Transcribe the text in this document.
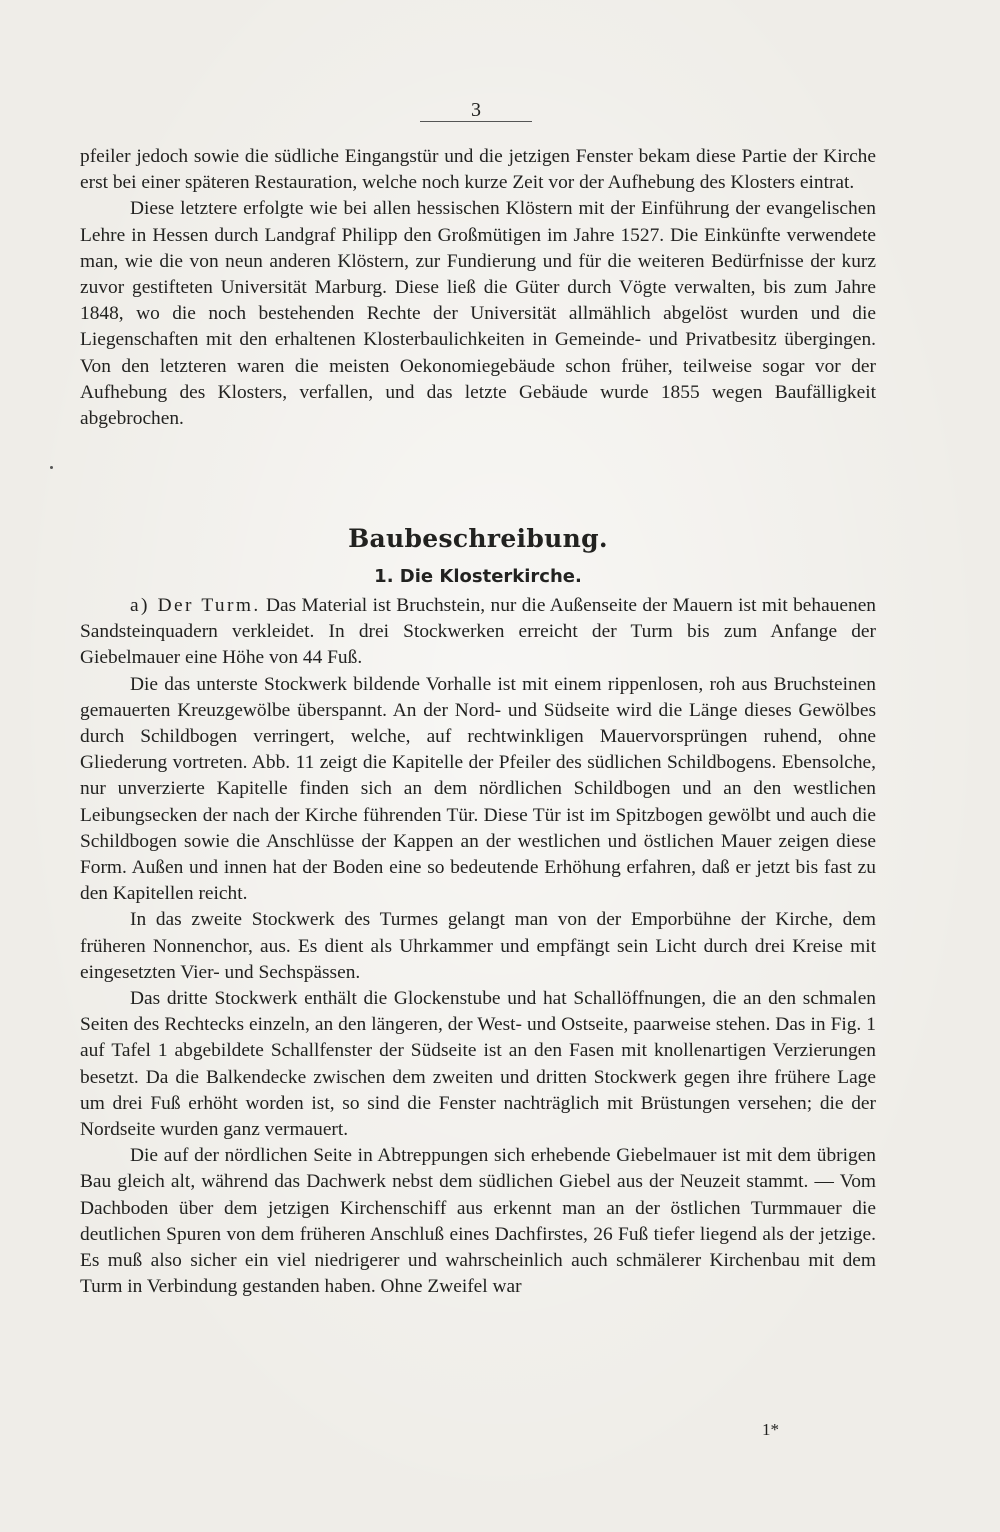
3

pfeiler jedoch sowie die südliche Eingangstür und die jetzigen Fenster bekam diese Partie der Kirche erst bei einer späteren Restauration, welche noch kurze Zeit vor der Aufhebung des Klosters eintrat.

Diese letztere erfolgte wie bei allen hessischen Klöstern mit der Einführung der evangelischen Lehre in Hessen durch Landgraf Philipp den Großmütigen im Jahre 1527. Die Einkünfte verwendete man, wie die von neun anderen Klöstern, zur Fundierung und für die weiteren Bedürfnisse der kurz zuvor gestifteten Universität Marburg. Diese ließ die Güter durch Vögte verwalten, bis zum Jahre 1848, wo die noch bestehenden Rechte der Universität allmählich abgelöst wurden und die Liegenschaften mit den erhaltenen Klosterbaulichkeiten in Gemeinde- und Privatbesitz übergingen. Von den letzteren waren die meisten Oekonomiegebäude schon früher, teilweise sogar vor der Aufhebung des Klosters, verfallen, und das letzte Gebäude wurde 1855 wegen Baufälligkeit abgebrochen.

Baubeschreibung.
1. Die Klosterkirche.

a) Der Turm. Das Material ist Bruchstein, nur die Außenseite der Mauern ist mit behauenen Sandsteinquadern verkleidet. In drei Stockwerken erreicht der Turm bis zum Anfange der Giebelmauer eine Höhe von 44 Fuß.

Die das unterste Stockwerk bildende Vorhalle ist mit einem rippenlosen, roh aus Bruchsteinen gemauerten Kreuzgewölbe überspannt. An der Nord- und Südseite wird die Länge dieses Gewölbes durch Schildbogen verringert, welche, auf rechtwinkligen Mauervorsprüngen ruhend, ohne Gliederung vortreten. Abb. 11 zeigt die Kapitelle der Pfeiler des südlichen Schildbogens. Ebensolche, nur unverzierte Kapitelle finden sich an dem nördlichen Schildbogen und an den westlichen Leibungsecken der nach der Kirche führenden Tür. Diese Tür ist im Spitzbogen gewölbt und auch die Schildbogen sowie die Anschlüsse der Kappen an der westlichen und östlichen Mauer zeigen diese Form. Außen und innen hat der Boden eine so bedeutende Erhöhung erfahren, daß er jetzt bis fast zu den Kapitellen reicht.

In das zweite Stockwerk des Turmes gelangt man von der Emporbühne der Kirche, dem früheren Nonnenchor, aus. Es dient als Uhrkammer und empfängt sein Licht durch drei Kreise mit eingesetzten Vier- und Sechspässen.

Das dritte Stockwerk enthält die Glockenstube und hat Schallöffnungen, die an den schmalen Seiten des Rechtecks einzeln, an den längeren, der West- und Ostseite, paarweise stehen. Das in Fig. 1 auf Tafel 1 abgebildete Schallfenster der Südseite ist an den Fasen mit knollenartigen Verzierungen besetzt. Da die Balkendecke zwischen dem zweiten und dritten Stockwerk gegen ihre frühere Lage um drei Fuß erhöht worden ist, so sind die Fenster nachträglich mit Brüstungen versehen; die der Nordseite wurden ganz vermauert.

Die auf der nördlichen Seite in Abtreppungen sich erhebende Giebelmauer ist mit dem übrigen Bau gleich alt, während das Dachwerk nebst dem südlichen Giebel aus der Neuzeit stammt. — Vom Dachboden über dem jetzigen Kirchenschiff aus erkennt man an der östlichen Turmmauer die deutlichen Spuren von dem früheren Anschluß eines Dachfirstes, 26 Fuß tiefer liegend als der jetzige. Es muß also sicher ein viel niedrigerer und wahrscheinlich auch schmälerer Kirchenbau mit dem Turm in Verbindung gestanden haben. Ohne Zweifel war

1*
